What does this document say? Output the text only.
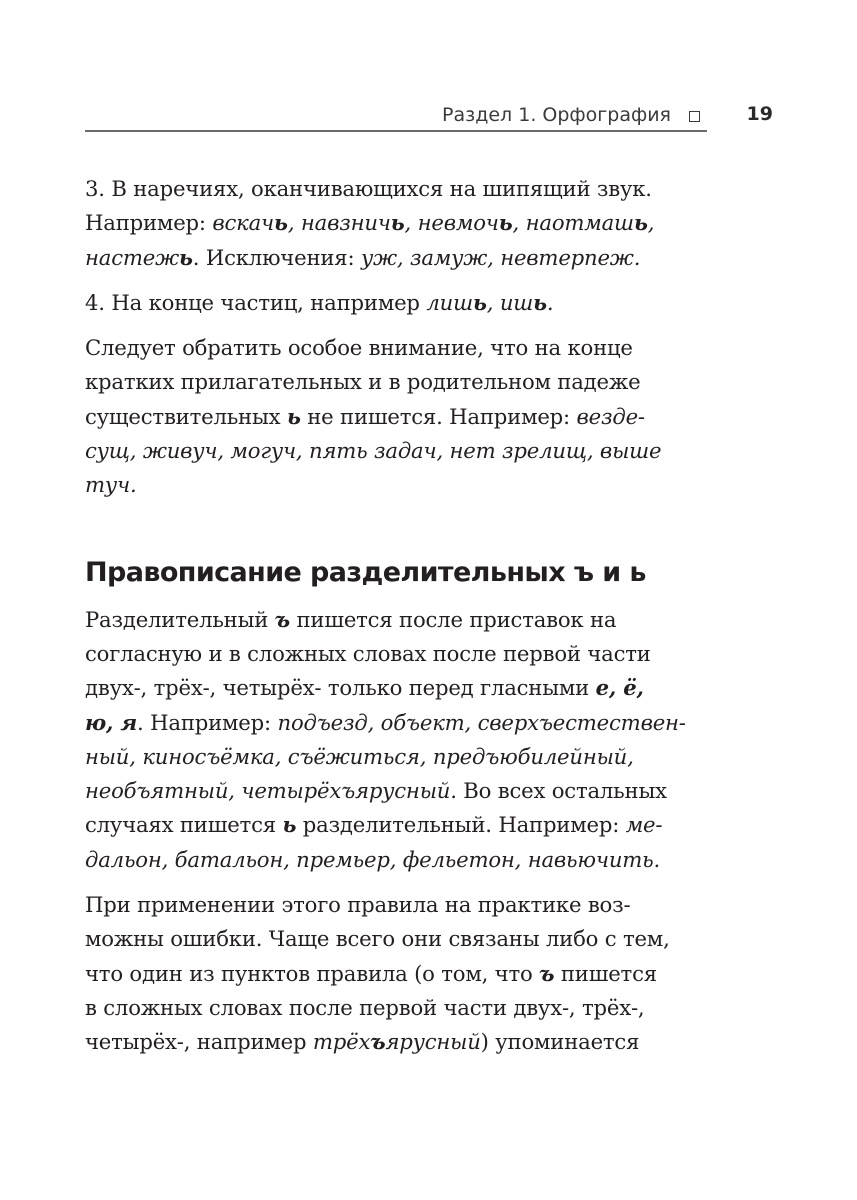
Раздел 1. Орфография	19
3. В наречиях, оканчивающихся на шипящий звук.
Например: вскачь, навзничь, невмочь, наотмашь,
настежь. Исключения: уж, замуж, невтерпеж.
4. На конце частиц, например лишь, ишь.
Следует обратить особое внимание, что на конце
кратких прилагательных и в родительном падеже
существительных ь не пишется. Например: везде-
сущ, живуч, могуч, пять задач, нет зрелищ, выше
туч.
Правописание разделительных ъ и ь
Разделительный ъ пишется после приставок на
согласную и в сложных словах после первой части
двух-, трёх-, четырёх- только перед гласными е, ё,
ю, я. Например: подъезд, объект, сверхъестествен-
ный, киносъёмка, съёжиться, предъюбилейный,
необъятный, четырёхъярусный. Во всех остальных
случаях пишется ь разделительный. Например: ме-
дальон, батальон, премьер, фельетон, навьючить.
При применении этого правила на практике воз-
можны ошибки. Чаще всего они связаны либо с тем,
что один из пунктов правила (о том, что ъ пишется
в сложных словах после первой части двух-, трёх-,
четырёх-, например трёхъярусный) упоминается
